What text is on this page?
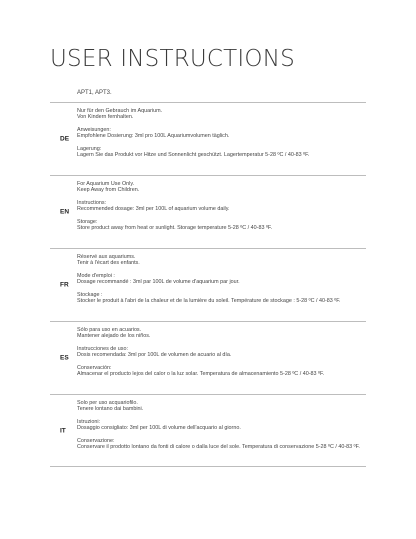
USER INSTRUCTIONS
APT1, APT3.
DE

Nur für den Gebrauch im Aquarium.
Von Kindern fernhalten.

Anweisungen:
Empfohlene Dosierung: 3ml pro 100L Aquariumvolumen täglich.

Lagerung:
Lagern Sie das Produkt vor Hitze und Sonnenlicht geschützt. Lagertemperatur 5-28 ºC / 40-83 ºF.

EN

For Aquarium Use Only.
Keep Away from Children.

Instructions:
Recommended dosage: 3ml per 100L of aquarium volume daily.

Storage:
Store product away from heat or sunlight. Storage temperature 5-28 ºC / 40-83 ºF.

FR

Réservé aux aquariums.
Tenir à l'écart des enfants.

Mode d'emploi :
Dosage recommandé : 3ml par 100L de volume d'aquarium par jour.

Stockage :
Stocker le produit à l'abri de la chaleur et de la lumière du soleil. Température de stockage : 5-28 ºC / 40-83 ºF.

ES

Sólo para uso en acuarios.
Mantener alejado de los niños.

Instrucciones de uso:
Dosis recomendada: 3ml por 100L de volumen de acuario al día.

Conservación:
Almacenar el producto lejos del calor o la luz solar. Temperatura de almacenamiento 5-28 ºC / 40-83 ºF.

IT

Solo per uso acquariofilo.
Tenere lontano dai bambini.

Istruzioni:
Dosaggio consigliato: 3ml per 100L di volume dell'acquario al giorno.

Conservazione:
Conservare il prodotto lontano da fonti di calore o dalla luce del sole. Temperatura di conservazione 5-28 ºC / 40-83 ºF.
